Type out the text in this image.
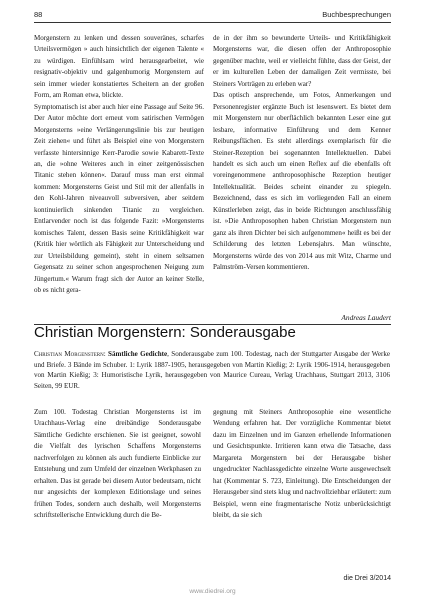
88	Buchbesprechungen

Morgenstern zu lenken und dessen souveränes, scharfes Urteilsvermögen » auch hinsichtlich der eigenen Talente « zu würdigen. Einfühlsam wird herausgearbeitet, wie resignativ-objektiv und galgenhumorig Morgenstern auf sein immer wieder konstatiertes Scheitern an der großen Form, am Roman etwa, blickte.

Symptomatisch ist aber auch hier eine Passage auf Seite 96. Der Autor möchte dort erneut vom satirischen Vermögen Morgensterns »eine Verlängerungslinie bis zur heutigen Zeit ziehen« und führt als Beispiel eine von Morgenstern verfasste hintersinnige Kerr-Parodie sowie Kabarett-Texte an, die »ohne Weiteres auch in einer zeitgenössischen Titanic stehen können«. Darauf muss man erst einmal kommen: Morgensterns Geist und Stil mit der allenfalls in den Kohl-Jahren niveauvoll subversiven, aber seitdem kontinuierlich sinkenden Titanic zu vergleichen. Entlarvender noch ist das folgende Fazit: »Morgensterns komisches Talent, dessen Basis seine Kritikfähigkeit war (Kritik hier wörtlich als Fähigkeit zur Unterscheidung und zur Urteilsbildung gemeint), steht in einem seltsamen Gegensatz zu seiner schon angesprochenen Neigung zum Jüngertum.« Warum fragt sich der Autor an keiner Stelle, ob es nicht gera-

de in der ihm so bewunderte Urteils- und Kritikfähigkeit Morgensterns war, die diesen offen der Anthroposophie gegenüber machte, weil er vielleicht fühlte, dass der Geist, der er im kulturellen Leben der damaligen Zeit vermisste, bei Steiners Vorträgen zu erleben war?

Das optisch ansprechende, um Fotos, Anmerkungen und Personenregister ergänzte Buch ist lesenswert. Es bietet dem mit Morgenstern nur oberflächlich bekannten Leser eine gut lesbare, informative Einführung und dem Kenner Reibungsflächen. Es steht allerdings exemplarisch für die Steiner-Rezeption bei sogenannten Intellektuellen. Dabei handelt es sich auch um einen Reflex auf die ebenfalls oft voreingenommene anthroposophische Rezeption heutiger Intellektualität. Beides scheint einander zu spiegeln. Bezeichnend, dass es sich im vorliegenden Fall an einem Künstlerleben zeigt, das in beide Richtungen anschlussfähig ist. »Die Anthroposophen haben Christian Morgenstern nun ganz als ihren Dichter bei sich aufgenommen« heißt es bei der Schilderung des letzten Lebensjahrs. Man wünschte, Morgensterns würde des von 2014 aus mit Witz, Charme und Palmström-Versen kommentieren.

Andreas Laudert
Christian Morgenstern: Sonderausgabe
Christian Morgenstern: Sämtliche Gedichte, Sonderausgabe zum 100. Todestag, nach der Stuttgarter Ausgabe der Werke und Briefe. 3 Bände im Schuber. 1: Lyrik 1887-1905, herausgegeben von Martin Kießig; 2: Lyrik 1906-1914, herausgegeben von Martin Kießig; 3: Humoristische Lyrik, herausgegeben von Maurice Cureau, Verlag Urachhaus, Stuttgart 2013, 3106 Seiten, 99 EUR.

Zum 100. Todestag Christian Morgensterns ist im Urachhaus-Verlag eine dreibändige Sonderausgabe Sämtliche Gedichte erschienen. Sie ist geeignet, sowohl die Vielfalt des lyrischen Schaffens Morgensterns nachverfolgen zu können als auch fundierte Einblicke zur Entstehung und zum Umfeld der einzelnen Werkphasen zu erhalten. Das ist gerade bei diesem Autor bedeutsam, nicht nur angesichts der komplexen Editionslage und seines frühen Todes, sondern auch deshalb, weil Morgensterns schriftstellerische Entwicklung durch die Be-

gegnung mit Steiners Anthroposophie eine wesentliche Wendung erfahren hat. Der vorzügliche Kommentar bietet dazu im Einzelnen und im Ganzen erhellende Informationen und Gesichtspunkte. Irritieren kann etwa die Tatsache, dass Margareta Morgenstern bei der Herausgabe bisher ungedruckter Nachlassgedichte einzelne Worte ausgewechselt hat (Kommentar S. 723, Einleitung). Die Entscheidungen der Herausgeber sind stets klug und nachvollziehbar erläutert: zum Beispiel, wenn eine fragmentarische Notiz unberücksichtigt bleibt, da sie sich

die Drei 3/2014
www.diedrei.org
